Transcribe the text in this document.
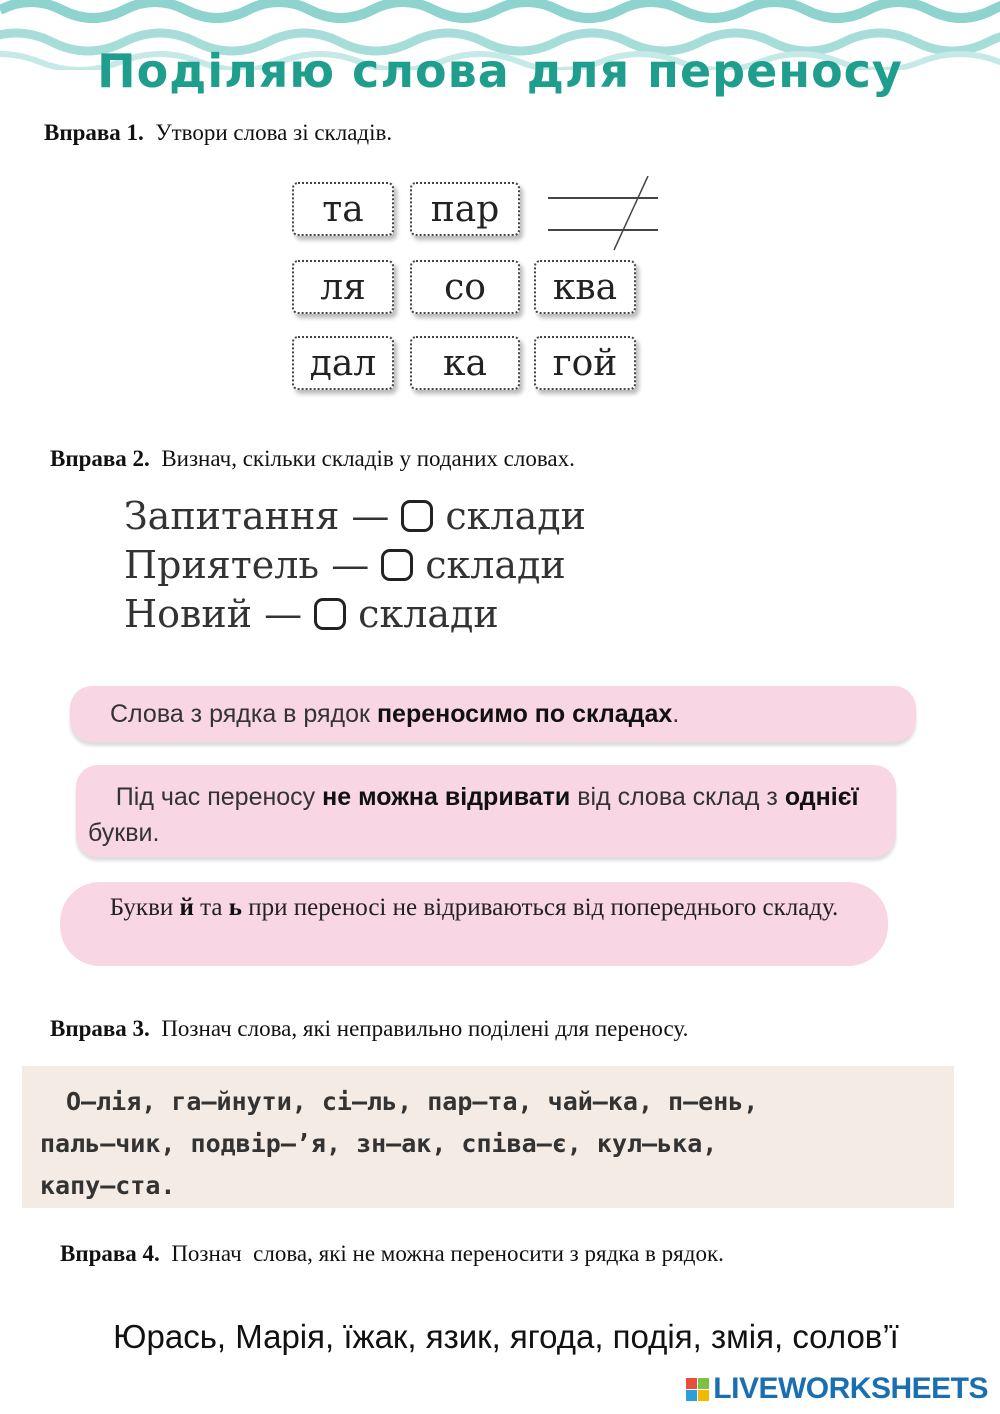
Поділяю слова для переносу
Вправа 1. Утвори слова зі складів.
та	пар
ля	со	ква
дал	ка	гой
Вправа 2. Визнач, скільки складів у поданих словах.
Запитання
— склади
Приятель
— склади
Новий
— склади
Слова з рядка в рядок переносимо по складах.
Під час переносу не можна відривати від слова склад з однієї букви.
Букви й та ь при переносі не відриваються від попереднього складу.
Вправа 3. Познач слова, які неправильно поділені для переносу.
О–лія, га–йнути, сі–ль, пар–та, чай–ка, п–ень,
паль–чик, подвір–’я, зн–ак, співа–є, кул–ька,
капу–ста.
Вправа 4. Познач  слова, які не можна переносити з рядка в рядок.
Юрась, Марія, їжак, язик, ягода, подія, змія, солов’ї
LIVEWORKSHEETS
